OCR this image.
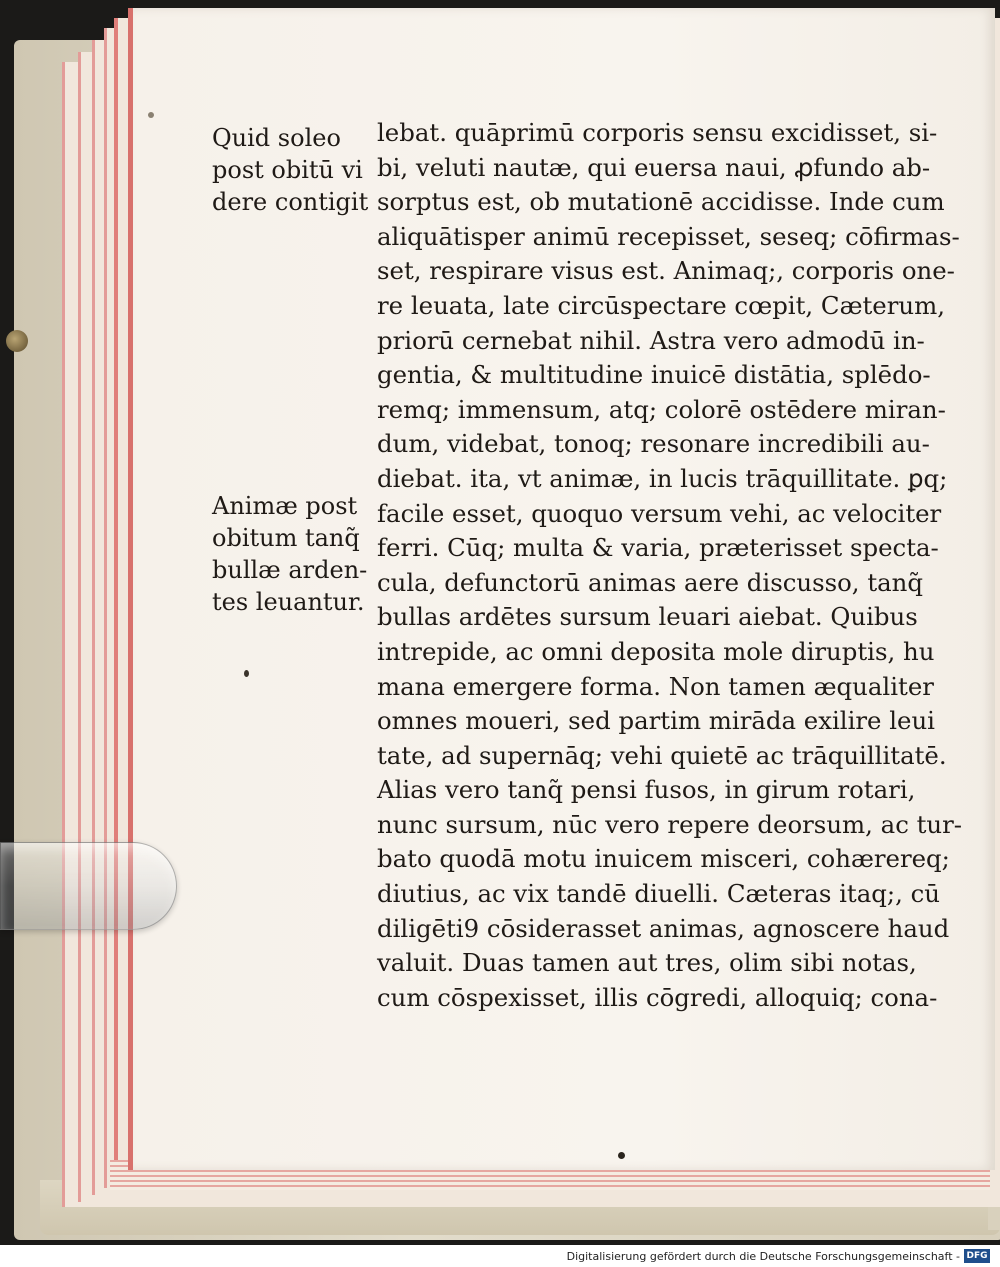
Quid soleo
post obitū vi
dere contigit
Animæ post
obitum tanq̃
bullæ arden-
tes leuantur.
lebat. quāprimū corporis sensu excidisset, si-
bi, veluti nautæ, qui euersa naui, ꝓfundo ab-
sorptus est, ob mutationē accidisse. Inde cum
aliquātisper animū recepisset, seseq; cōfirmas-
set, respirare visus est. Animaq;, corporis one-
re leuata, late circūspectare cœpit, Cæterum,
priorū cernebat nihil. Astra vero admodū in-
gentia, & multitudine inuicē distātia, splēdo-
remq; immensum, atq; colorē ostēdere miran-
dum, videbat, tonoq; resonare incredibili au-
diebat. ita, vt animæ, in lucis trāquillitate. ꝑq;
facile esset, quoquo versum vehi, ac velociter
ferri. Cūq; multa & varia, præterisset specta-
cula, defunctorū animas aere discusso, tanq̃
bullas ardētes sursum leuari aiebat. Quibus
intrepide, ac omni deposita mole diruptis, hu
mana emergere forma. Non tamen æqualiter
omnes moueri, sed partim mirāda exilire leui
tate, ad supernāq; vehi quietē ac trāquillitatē.
Alias vero tanq̃ pensi fusos, in girum rotari,
nunc sursum, nūc vero repere deorsum, ac tur-
bato quodā motu inuicem misceri, cohærereq;
diutius, ac vix tandē diuelli. Cæteras itaq;, cū
diligēti9 cōsiderasset animas, agnoscere haud
valuit. Duas tamen aut tres, olim sibi notas,
cum cōspexisset, illis cōgredi, alloquiq; cona-
Digitalisierung gefördert durch die Deutsche Forschungsgemeinschaft - DFG
